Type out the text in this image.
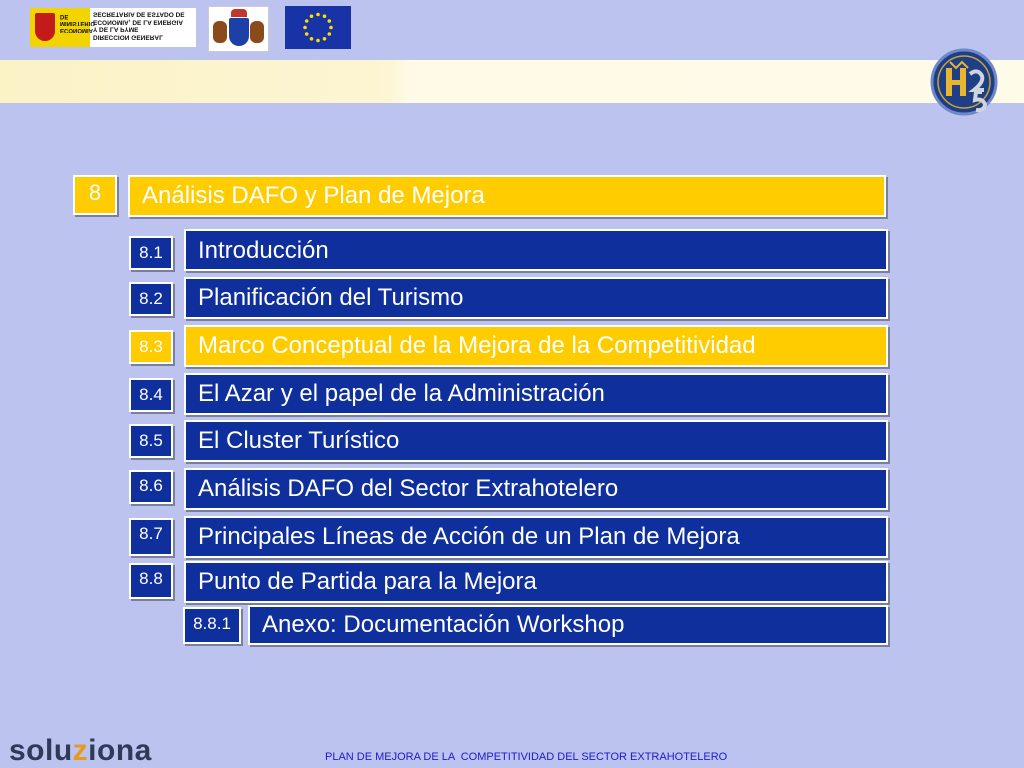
MINISTERIO DE
ECONOMIA
SECRETARIA DE ESTADO DE
ECONOMIA, DE LA ENERGIA
Y DE LA PYME
DIRECCION GENERAL
8 Análisis DAFO y Plan de Mejora
8.1 Introducción
8.2 Planificación del Turismo
8.3 Marco Conceptual de la Mejora de la Competitividad
8.4 El Azar y el papel de la Administración
8.5 El Cluster Turístico
8.6 Análisis DAFO del Sector Extrahotelero
8.7 Principales Líneas de Acción de un Plan de Mejora
8.8 Punto de Partida para la Mejora
8.8.1 Anexo: Documentación Workshop
soluziona	PLAN DE MEJORA DE LA  COMPETITIVIDAD DEL SECTOR EXTRAHOTELERO
